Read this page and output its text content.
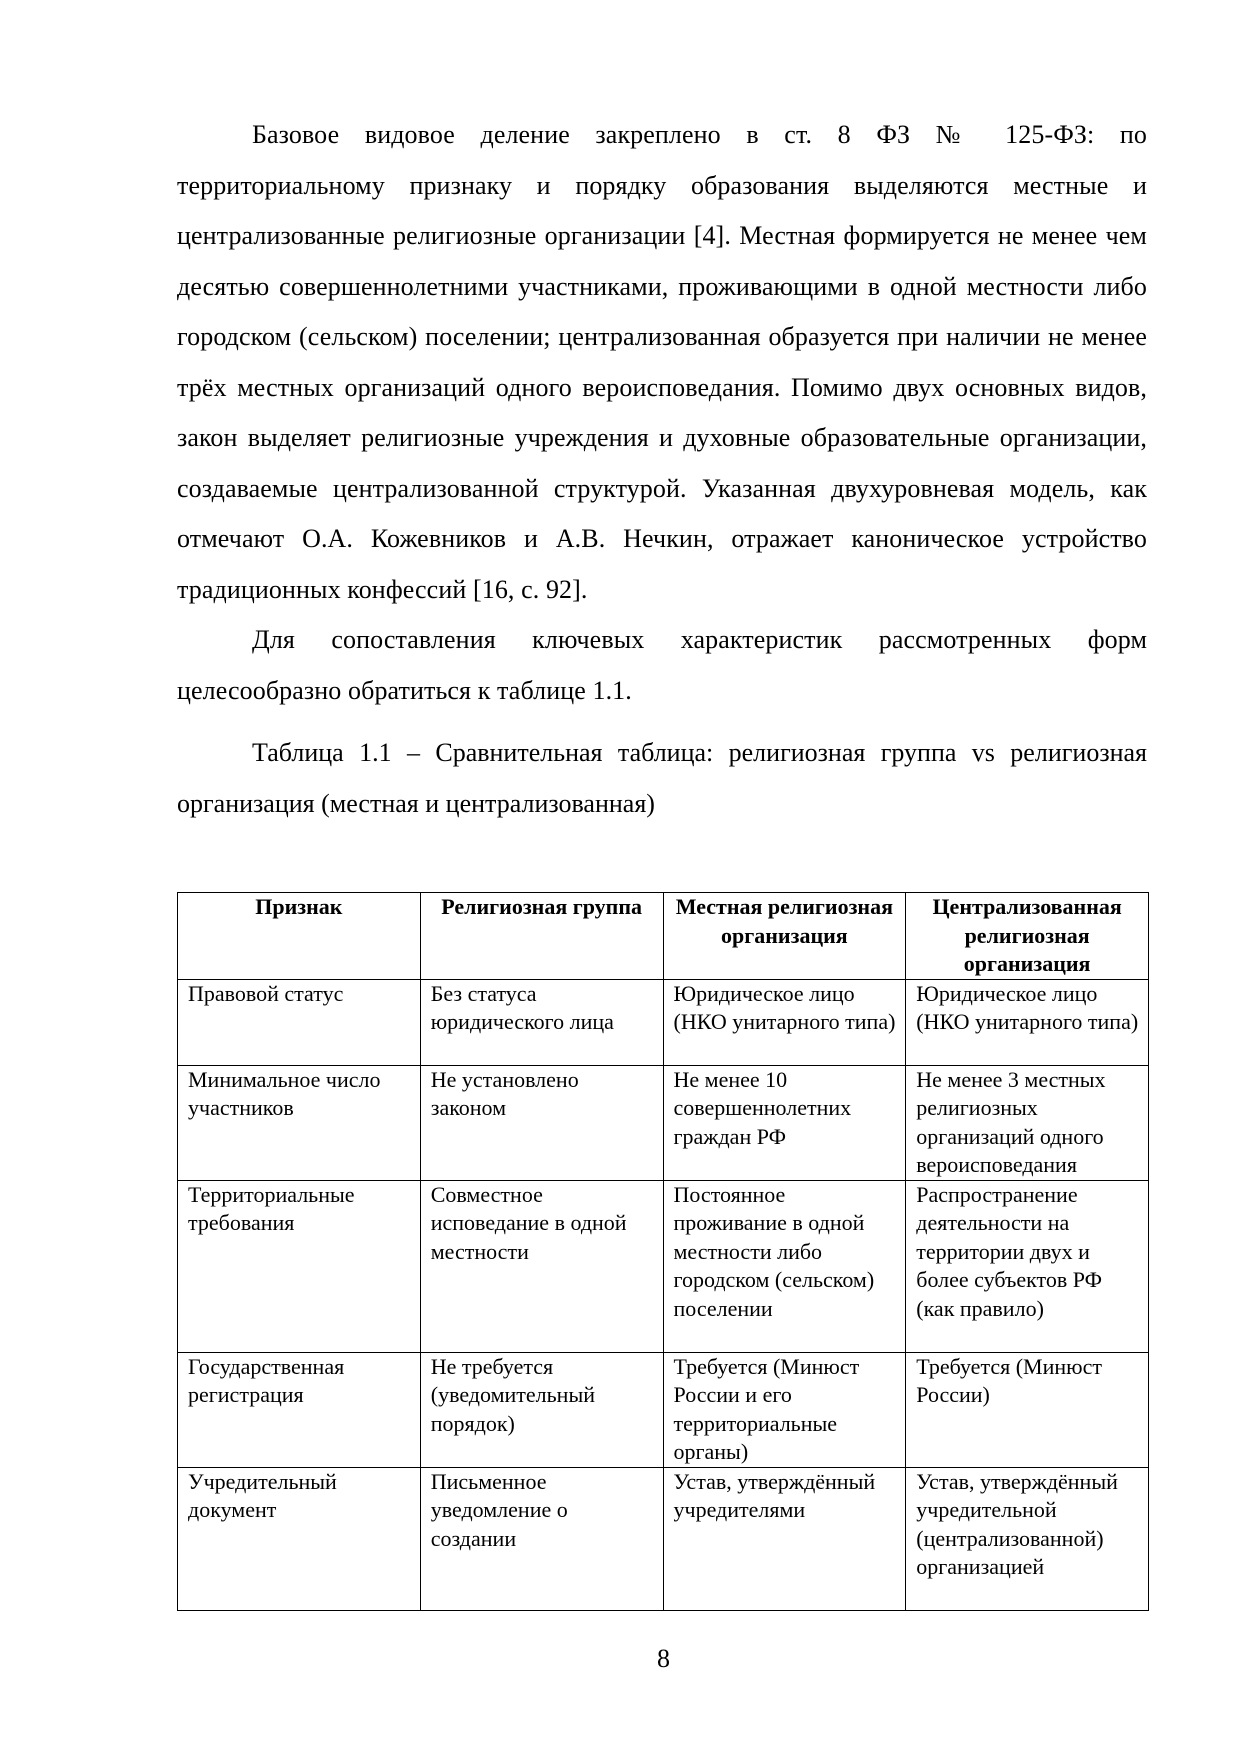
Базовое видовое деление закреплено в ст. 8 ФЗ № 125-ФЗ: по территориальному признаку и порядку образования выделяются местные и централизованные религиозные организации [4]. Местная формируется не менее чем десятью совершеннолетними участниками, проживающими в одной местности либо городском (сельском) поселении; централизованная образуется при наличии не менее трёх местных организаций одного вероисповедания. Помимо двух основных видов, закон выделяет религиозные учреждения и духовные образовательные организации, создаваемые централизованной структурой. Указанная двухуровневая модель, как отмечают О.А. Кожевников и А.В. Нечкин, отражает каноническое устройство традиционных конфессий [16, с. 92].

Для сопоставления ключевых характеристик рассмотренных форм целесообразно обратиться к таблице 1.1.

Таблица 1.1 – Сравнительная таблица: религиозная группа vs религиозная организация (местная и централизованная)

Признак	Религиозная группа	Местная религиозная организация	Централизованная религиозная организация
Правовой статус	Без статуса юридического лица	Юридическое лицо (НКО унитарного типа)	Юридическое лицо (НКО унитарного типа)
Минимальное число участников	Не установлено законом	Не менее 10 совершеннолетних граждан РФ	Не менее 3 местных религиозных организаций одного вероисповедания
Территориальные требования	Совместное исповедание в одной местности	Постоянное проживание в одной местности либо городском (сельском) поселении	Распространение деятельности на территории двух и более субъектов РФ (как правило)
Государственная регистрация	Не требуется (уведомительный порядок)	Требуется (Минюст России и его территориальные органы)	Требуется (Минюст России)
Учредительный документ	Письменное уведомление о создании	Устав, утверждённый учредителями	Устав, утверждённый учредительной (централизованной) организацией
8
